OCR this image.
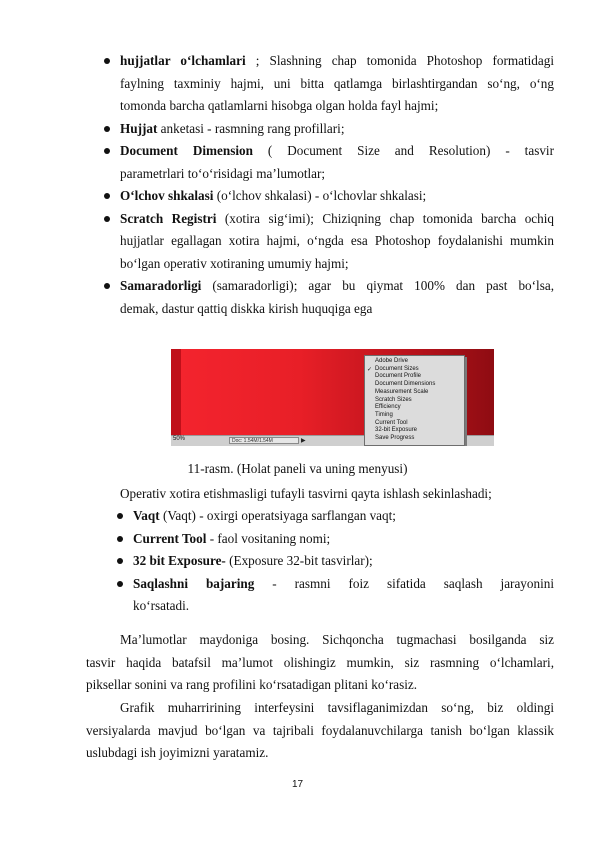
hujjatlar o‘lchamlari ; Slashning chap tomonida Photoshop formatidagi
faylning taxminiy hajmi, uni bitta qatlamga birlashtirgandan so‘ng, o‘ng
tomonda barcha qatlamlarni hisobga olgan holda fayl hajmi;
Hujjat anketasi - rasmning rang profillari;
Document Dimension ( Document Size and Resolution) - tasvir
parametrlari to‘o‘risidagi ma’lumotlar;
O‘lchov shkalasi (o‘lchov shkalasi) - o‘lchovlar shkalasi;
Scratch Registri (xotira sig‘imi); Chiziqning chap tomonida barcha ochiq
hujjatlar egallagan xotira hajmi, o‘ngda esa Photoshop foydalanishi mumkin
bo‘lgan operativ xotiraning umumiy hajmi;
Samaradorligi (samaradorligi); agar bu qiymat 100% dan past bo‘lsa,
demak, dastur qattiq diskka kirish huquqiga ega
50%	Doc: 1.54M/1.54M	▶
Adobe Drive
Document Sizes
✓
Document Profile
Document Dimensions
Measurement Scale
Scratch Sizes
Efficiency
Timing
Current Tool
32-bit Exposure
Save Progress
11-rasm. (Holat paneli va uning menyusi)
Operativ xotira etishmasligi tufayli tasvirni qayta ishlash sekinlashadi;
Vaqt (Vaqt) - oxirgi operatsiyaga sarflangan vaqt;
Current Tool - faol vositaning nomi;
32 bit Exposure- (Exposure 32-bit tasvirlar);
Saqlashni bajaring - rasmni foiz sifatida saqlash jarayonini
ko‘rsatadi.
Ma’lumotlar maydoniga bosing. Sichqoncha tugmachasi bosilganda siz
tasvir haqida batafsil ma’lumot olishingiz mumkin, siz rasmning o‘lchamlari,
piksellar sonini va rang profilini ko‘rsatadigan plitani ko‘rasiz.
Grafik muharririning interfeysini tavsiflaganimizdan so‘ng, biz oldingi
versiyalarda mavjud bo‘lgan va tajribali foydalanuvchilarga tanish bo‘lgan klassik
uslubdagi ish joyimizni yaratamiz.
17
